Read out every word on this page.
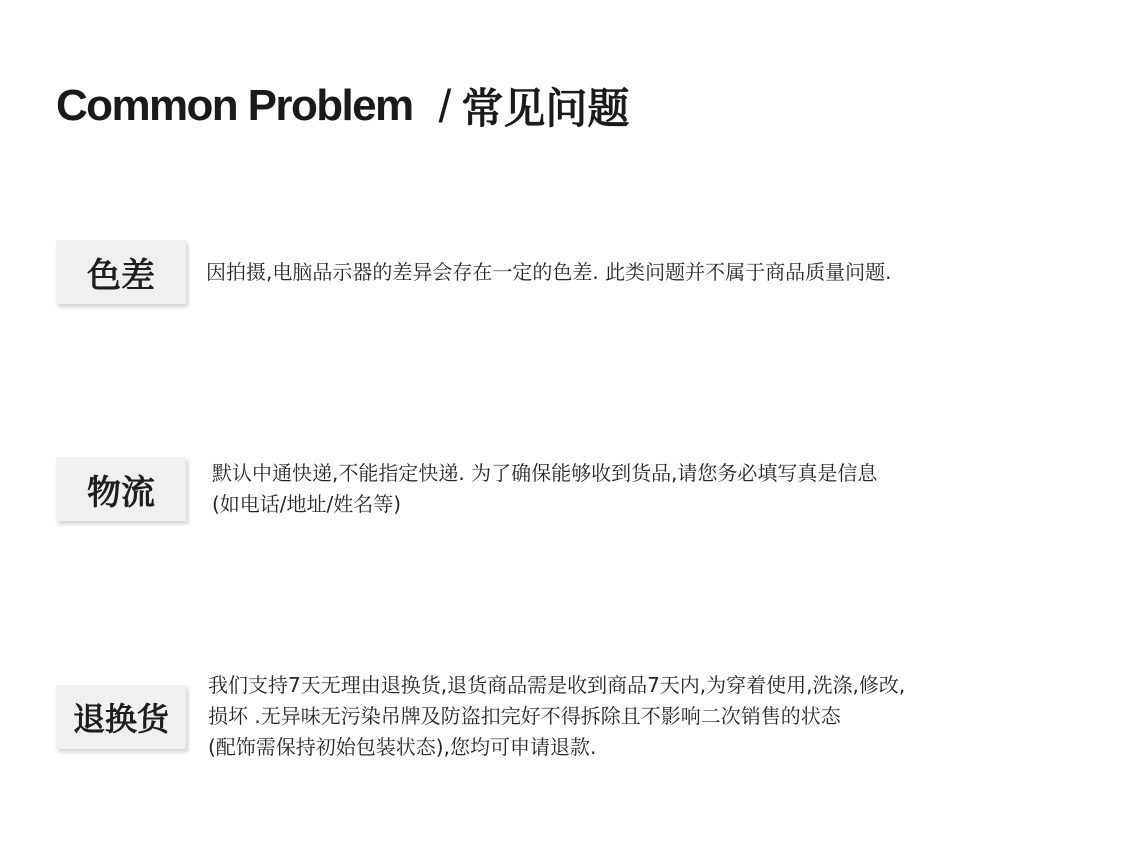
Common Problem / 常见问题
色差	因拍摄,电脑品示器的差异会存在一定的色差. 此类问题并不属于商品质量问题.
物流	默认中通快递,不能指定快递. 为了确保能够收到货品,请您务必填写真是信息
(如电话/地址/姓名等)
退换货
我们支持7天无理由退换货,退货商品需是收到商品7天内,为穿着使用,洗涤,修改,
损坏 .无异味无污染吊牌及防盗扣完好不得拆除且不影响二次销售的状态
(配饰需保持初始包装状态),您均可申请退款.
